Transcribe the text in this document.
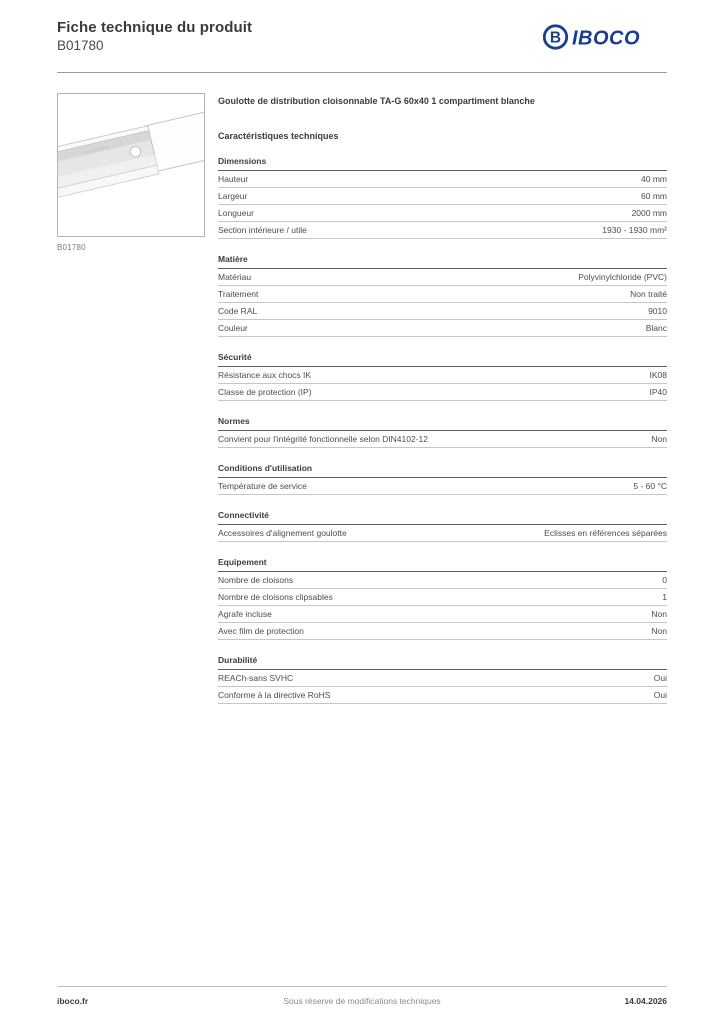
Fiche technique du produit
B01780	B IBOCO
B01780
Goulotte de distribution cloisonnable TA-G 60x40 1 compartiment blanche
Caractéristiques techniques
Dimensions
Hauteur	40 mm
Largeur	60 mm
Longueur	2000 mm
Section intérieure / utile	1930 - 1930 mm²
Matière
Matériau	Polyvinylchloride (PVC)
Traitement	Non traité
Code RAL	9010
Couleur	Blanc
Sécurité
Résistance aux chocs IK	IK08
Classe de protection (IP)	IP40
Normes
Convient pour l'intégrité fonctionnelle selon DIN4102-12	Non
Conditions d'utilisation
Température de service	5 - 60 °C
Connectivité
Accessoires d'alignement goulotte	Eclisses en références séparées
Equipement
Nombre de cloisons	0
Nombre de cloisons clipsables	1
Agrafe incluse	Non
Avec film de protection	Non
Durabilité
REACh-sans SVHC	Oui
Conforme à la directive RoHS	Oui
iboco.fr	Sous réserve de modifications techniques	14.04.2026
